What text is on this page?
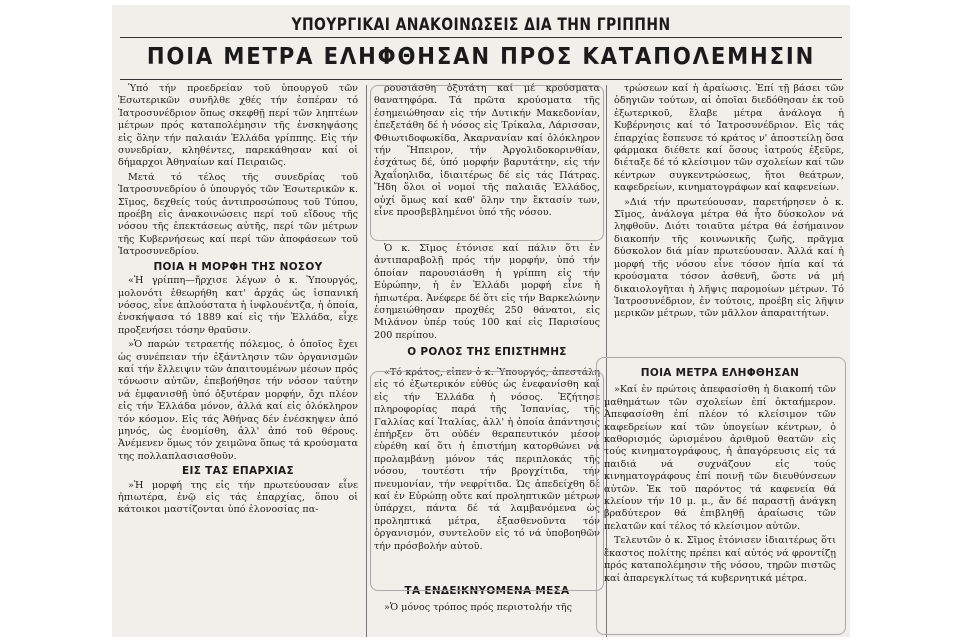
ΥΠΟΥΡΓΙΚΑΙ ΑΝΑΚΟΙΝΩΣΕΙΣ ΔΙΑ ΤΗΝ ΓΡΙΠΠΗΝ
ΠΟΙΑ ΜΕΤΡΑ ΕΛΗΦΘΗΣΑΝ ΠΡΟΣ ΚΑΤΑΠΟΛΕΜΗΣΙΝ

Ὑπό τήν προεδρείαν τοῦ ὑπουργοῦ τῶν Ἐσωτερικῶν συνῆλθε χθές τήν ἑσπέραν τό Ἰατροσυνέδριον ὅπως σκεφθῇ περί τῶν ληπτέων μέτρων πρός καταπολέμησιν τῆς ἐνσκηψάσης εἰς ὅλην τήν παλαιάν Ἑλλάδα γρίππης. Εἰς τήν συνεδρίαν, κληθέντες, παρεκάθησαν καί οἱ δήμαρχοι Ἀθηναίων καί Πειραιῶς.

Μετά τό τέλος τῆς συνεδρίας τοῦ Ἰατροσυνεδρίου ὁ ὑπουργός τῶν Ἐσωτερικῶν κ. Σῖμος, δεχθείς τούς ἀντιπροσώπους τοῦ Τύπου, προέβη εἰς ἀνακοινώσεις περί τοῦ εἴδους τῆς νόσου τῆς ἐπεκτάσεως αὐτῆς, περί τῶν μέτρων τῆς Κυβερνήσεως καί περί τῶν ἀποφάσεων τοῦ Ἰατροσυνεδρίου.

ΠΟΙΑ Η ΜΟΡΦΗ ΤΗΣ ΝΟΣΟΥ

«Ἡ γρίππη—ἤρχισε λέγων ὁ κ. Ὑπουργός, μολονότι ἐθεωρήθη κατ' ἀρχάς ὡς ἱσπανική νόσος, εἶνε ἁπλούστατα ἡ ἰνφλουέντζα, ἡ ὁποία, ἐνσκήψασα τό 1889 καί εἰς τήν Ἑλλάδα, εἶχε προξενήσει τόσην θραῦσιν.

»Ὁ παρών τετραετής πόλεμος, ὁ ὁποῖος ἔχει ὡς συνέπειαν τήν ἐξάντλησιν τῶν ὀργανισμῶν καί τήν ἔλλειψιν τῶν ἀπαιτουμένων μέσων πρός τόνωσιν αὐτῶν, ἐπεβοήθησε τήν νόσον ταύτην νά ἐμφανισθῇ ὑπό ὀξυτέραν μορφήν, ὄχι πλέον εἰς τήν Ἑλλάδα μόνον, ἀλλά καί εἰς ὁλόκληρον τόν κόσμον. Εἰς τάς Ἀθήνας δέν ἐνέσκηψεν ἀπό μηνός, ὡς ἐνομίσθη, ἀλλ' ἀπό τοῦ θέρους. Ἀνέμενεν ὅμως τόν χειμῶνα ὅπως τά κρούσματα της πολλαπλασιασθοῦν.

ΕΙΣ ΤΑΣ ΕΠΑΡΧΙΑΣ

»Ἡ μορφή της εἰς τήν πρωτεύουσαν εἶνε ἠπιωτέρα, ἐνῷ εἰς τάς ἐπαρχίας, ὅπου οἱ κάτοικοι μαστίζονται ὑπό ἑλονοσίας πα-

ρουσιάσθη ὀξυτάτη καί μέ κρούσματα θανατηφόρα. Τά πρῶτα κρούσματα τῆς ἐσημειώθησαν εἰς τήν Δυτικήν Μακεδονίαν, ἐπεξετάθη δέ ἡ νόσος εἰς Τρίκαλα, Λάρισσαν, Φθιωτιδοφωκίδα, Ἀκαρνανίαν καί ὁλόκληρον τήν Ἤπειρον, τήν Ἀργολιδοκορινθίαν, ἐσχάτως δέ, ὑπό μορφήν βαρυτάτην, εἰς τήν Ἀχαΐοηλιδα, ἰδιαιτέρως δέ εἰς τάς Πάτρας. Ἤδη ὅλοι οἱ νομοί τῆς παλαιᾶς Ἑλλάδος, οὐχί ὅμως καί καθ' ὅλην την ἔκτασίν των, εἶνε προσβεβλημένοι ὑπό τῆς νόσου.

Ὁ κ. Σῖμος ἐτόνισε καί πάλιν ὅτι ἐν ἀντιπαραβολῇ πρός τήν μορφήν, ὑπό τήν ὁποίαν παρουσιάσθη ἡ γρίππη εἰς τήν Εὐρώπην, ἡ ἐν Ἑλλάδι μορφή εἶνε ἡ ἠπιωτέρα. Ἀνέφερε δέ ὅτι εἰς τήν Βαρκελώνην ἐσημειώθησαν προχθές 250 θάνατοι, εἰς Μιλάνον ὑπέρ τούς 100 καί εἰς Παρισίους 200 περίπου.

Ο ΡΟΛΟΣ ΤΗΣ ΕΠΙΣΤΗΜΗΣ

«Τό κράτος, εἶπεν ὁ κ. Ὑπουργός, ἀπεστάλη εἰς τό ἐξωτερικόν εὐθύς ὡς ἐνεφανίσθη καί εἰς τήν Ἑλλάδα ἡ νόσος. Ἐζήτησε πληροφορίας παρά τῆς Ἰσπανίας, τῆς Γαλλίας καί Ἰταλίας, ἀλλ' ἡ ὁποία ἀπάντησις ἐπήρξεν ὅτι οὐδέν θεραπευτικόν μέσον εὑρέθη καί ὅτι ἡ ἐπιστήμη κατορθώνει νά προλαμβάνῃ μόνον τάς περιπλοκάς τῆς νόσου, τουτέστι τήν βρογχίτιδα, τήν πνευμονίαν, τήν νεφρίτιδα. Ὡς ἀπεδείχθη δέ καί ἐν Εὐρώπῃ οὔτε καί προληπτικῶν μέτρων ὑπάρχει, πάντα δέ τά λαμβανόμενα ὡς προληπτικά μέτρα, ἐξασθενοῦντα τόν ὀργανισμόν, συντελοῦν εἰς τό νά ὑποβοηθῶν τήν πρόσβολήν αὐτοῦ.

ΤΑ ΕΝΔΕΙΚΝΥΟΜΕΝΑ ΜΕΣΑ

»Ὁ μόνος τρόπος πρός περιστολήν τῆς

τρώσεων καί ἡ ἀραίωσις. Ἐπί τῇ βάσει τῶν ὁδηγιῶν τούτων, αἱ ὁποῖαι διεδόθησαν ἐκ τοῦ ἐξωτερικοῦ, ἔλαβε μέτρα ἀνάλογα ἡ Κυβέρνησις καί τό Ἰατροσυνέδριον. Εἰς τάς ἐπαρχίας ἔσπευσε τό κράτος ν' ἀποστείλῃ ὅσα φάρμακα διέθετε καί ὅσους ἰατρούς ἐξεῦρε, διέταξε δέ τό κλείσιμον τῶν σχολείων καί τῶν κέντρων συγκεντρώσεως, ἤτοι θεάτρων, καφεδρείων, κινηματογράφων καί καφενείων.

»Διά τήν πρωτεύουσαν, παρετήρησεν ὁ κ. Σῖμος, ἀνάλογα μέτρα θά ἦτο δύσκολον νά ληφθοῦν. Διότι τοιαῦτα μέτρα θά ἐσήμαινον διακοπήν τῆς κοινωνικῆς ζωῆς, πρᾶγμα δύσκολον διά μίαν πρωτεύουσαν. Ἀλλά καί ἡ μορφή τῆς νόσου εἶνε τόσον ἠπία καί τά κρούσματα τόσον ἀσθενῆ, ὥστε νά μή δικαιολογῆται ἡ λῆψις παρομοίων μέτρων. Τό Ἰατροσυνέδριον, ἐν τούτοις, προέβη εἰς λῆψιν μερικῶν μέτρων, τῶν μᾶλλον ἀπαραιτήτων.

ΠΟΙΑ ΜΕΤΡΑ ΕΛΗΦΘΗΣΑΝ

»Καί ἐν πρώτοις ἀπεφασίσθη ἡ διακοπή τῶν μαθημάτων τῶν σχολείων ἐπί ὀκταήμερον. Ἀπεφασίσθη ἐπί πλέον τό κλείσιμον τῶν καφεδρείων καί τῶν ὑπογείων κέντρων, ὁ καθορισμός ὡρισμένου ἀριθμοῦ θεατῶν εἰς τούς κινηματογράφους, ἡ ἀπαγόρευσις εἰς τά παιδιά νά συχνάζουν εἰς τούς κινηματογράφους ἐπί ποινῇ τῶν διευθύνσεων αὐτῶν. Ἐκ τοῦ παρόντος τά καφενεία θά κλείουν τήν 10 μ. μ., ἄν δέ παραστῇ ἀνάγκη βραδύτερον θά ἐπιβληθῇ ἀραίωσις τῶν πελατῶν καί τέλος τό κλείσιμον αὐτῶν.

Τελευτῶν ὁ κ. Σῖμος ἐτόνισεν ἰδιαιτέρως ὅτι ἕκαστος πολίτης πρέπει καί αὐτός νά φροντίζῃ πρός καταπολέμησιν τῆς νόσου, τηρῶν πιστῶς καί ἀπαρεγκλίτως τά κυβερνητικά μέτρα.
